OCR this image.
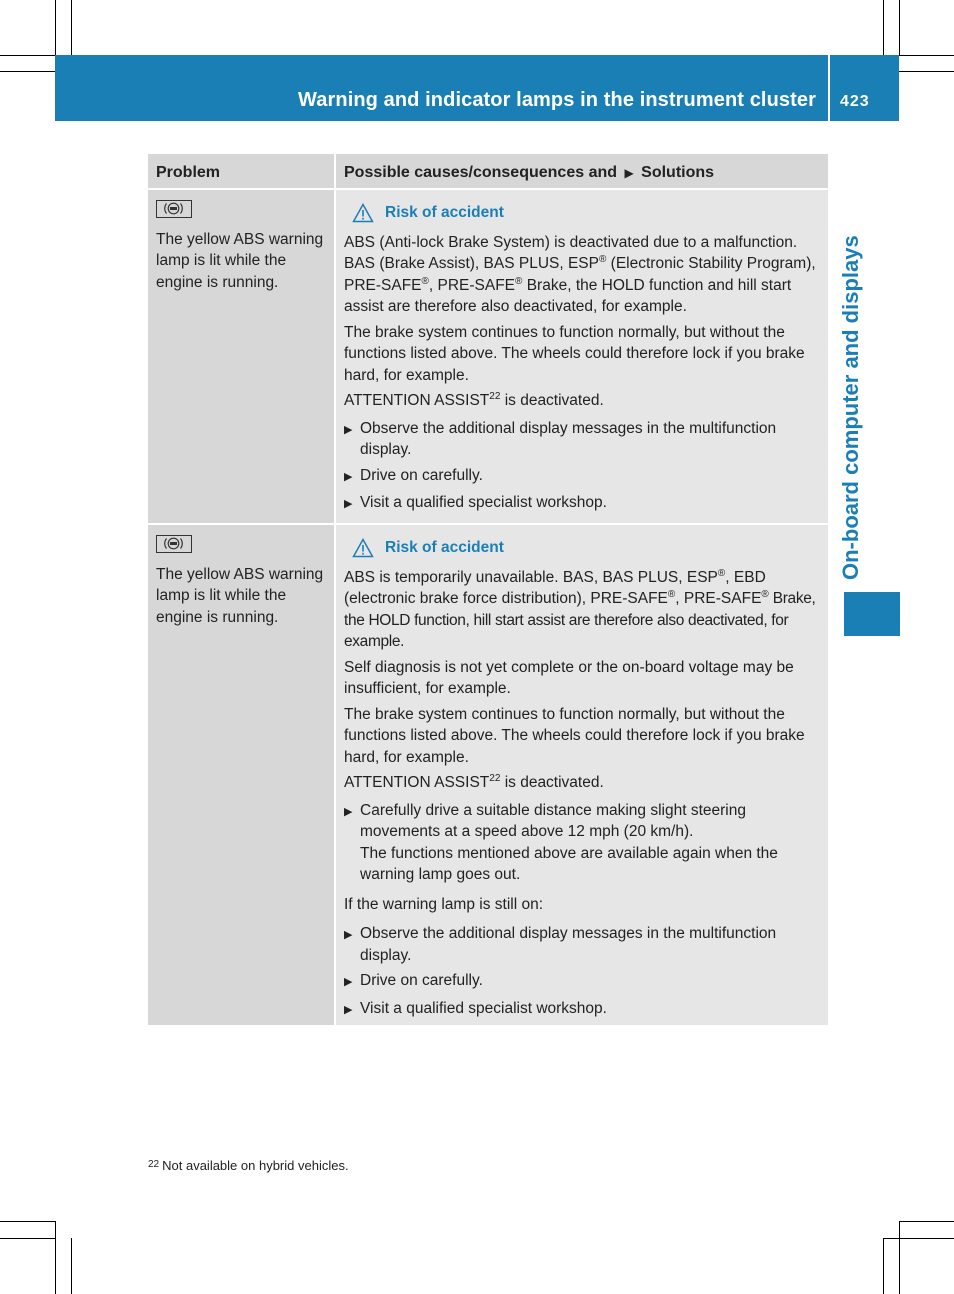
Warning and indicator lamps in the instrument cluster 423
On-board computer and displays
Problem	Possible causes/consequences and ▶ Solutions
The yellow ABS warning lamp is lit while the engine is running.
Risk of accident
ABS (Anti-lock Brake System) is deactivated due to a malfunction. BAS (Brake Assist), BAS PLUS, ESP® (Electronic Stability Program), PRE-SAFE®, PRE-SAFE® Brake, the HOLD function and hill start assist are therefore also deactivated, for example.
The brake system continues to function normally, but without the functions listed above. The wheels could therefore lock if you brake hard, for example.
ATTENTION ASSIST$^{22}$ is deactivated.
▶ Observe the additional display messages in the multifunction display.
▶ Drive on carefully.
▶ Visit a qualified specialist workshop.
The yellow ABS warning lamp is lit while the engine is running.
Risk of accident
ABS is temporarily unavailable. BAS, BAS PLUS, ESP®, EBD (electronic brake force distribution), PRE-SAFE®, PRE-SAFE® Brake, the HOLD function, hill start assist are therefore also deactivated, for example.
Self diagnosis is not yet complete or the on-board voltage may be insufficient, for example.
The brake system continues to function normally, but without the functions listed above. The wheels could therefore lock if you brake hard, for example.
ATTENTION ASSIST$^{22}$ is deactivated.
▶ Carefully drive a suitable distance making slight steering movements at a speed above 12 mph (20 km/h).
The functions mentioned above are available again when the warning lamp goes out.
If the warning lamp is still on:
▶ Observe the additional display messages in the multifunction display.
▶ Drive on carefully.
▶ Visit a qualified specialist workshop.
$^{22}$ Not available on hybrid vehicles.
